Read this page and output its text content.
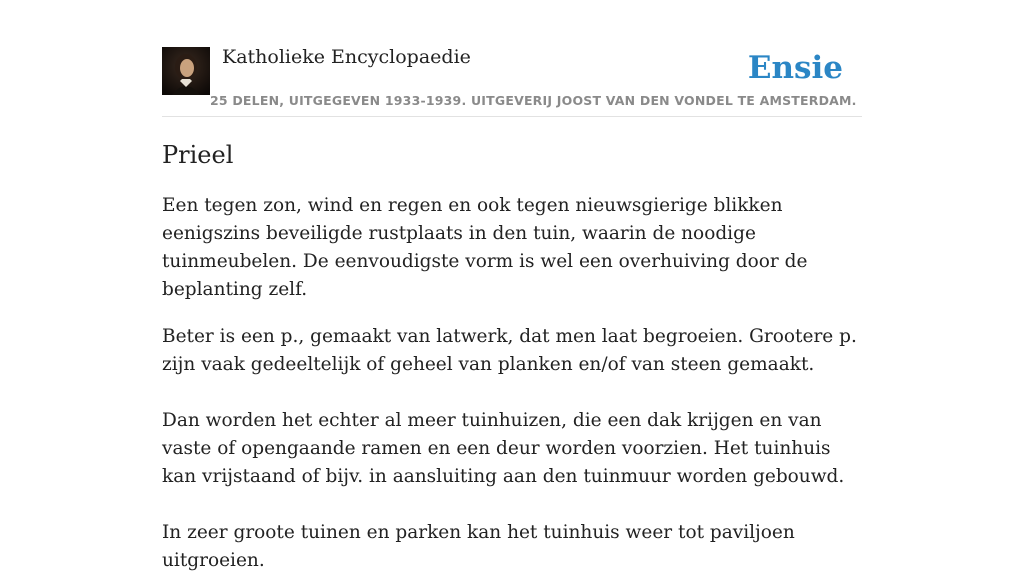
Katholieke Encyclopaedie
25 DELEN, UITGEGEVEN 1933-1939. UITGEVERIJ JOOST VAN DEN VONDEL TE AMSTERDAM.
Ensie
Prieel

Een tegen zon, wind en regen en ook tegen nieuwsgierige blikken eenigszins beveiligde rustplaats in den tuin, waarin de noodige tuinmeubelen. De eenvoudigste vorm is wel een overhuiving door de beplanting zelf.

Beter is een p., gemaakt van latwerk, dat men laat begroeien. Grootere p. zijn vaak gedeeltelijk of geheel van planken en/of van steen gemaakt.

Dan worden het echter al meer tuinhuizen, die een dak krijgen en van vaste of opengaande ramen en een deur worden voorzien. Het tuinhuis kan vrijstaand of bijv. in aansluiting aan den tuinmuur worden gebouwd.

In zeer groote tuinen en parken kan het tuinhuis weer tot paviljoen uitgroeien.
